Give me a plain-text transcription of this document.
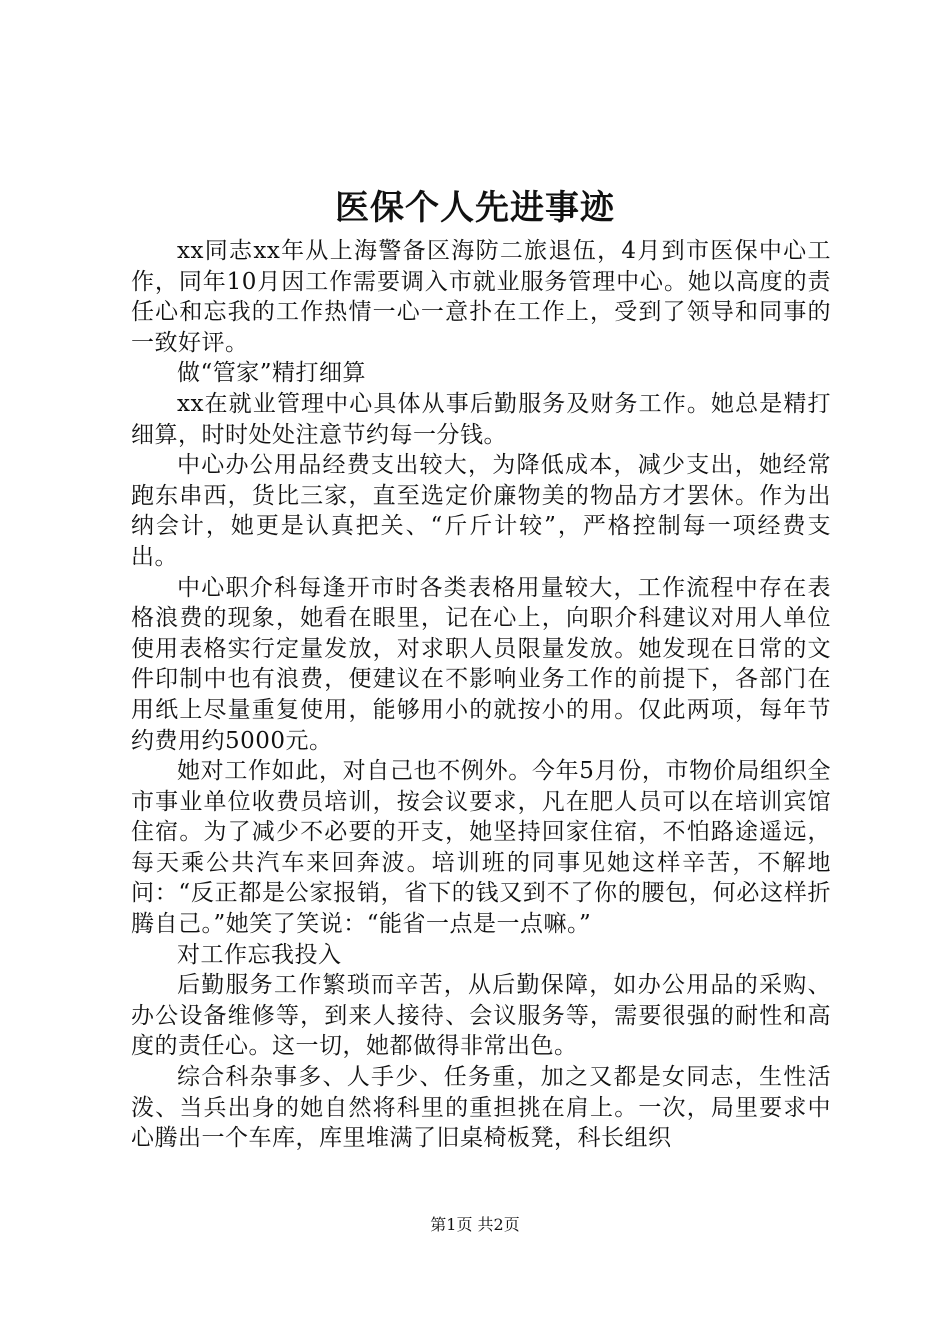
医保个人先进事迹

xx同志xx年从上海警备区海防二旅退伍，4月到市医保中心工作，同年10月因工作需要调入市就业服务管理中心。她以高度的责任心和忘我的工作热情一心一意扑在工作上，受到了领导和同事的一致好评。

做“管家”精打细算

xx在就业管理中心具体从事后勤服务及财务工作。她总是精打细算，时时处处注意节约每一分钱。

中心办公用品经费支出较大，为降低成本，减少支出，她经常跑东串西，货比三家，直至选定价廉物美的物品方才罢休。作为出纳会计，她更是认真把关、“斤斤计较”，严格控制每一项经费支出。

中心职介科每逢开市时各类表格用量较大，工作流程中存在表格浪费的现象，她看在眼里，记在心上，向职介科建议对用人单位使用表格实行定量发放，对求职人员限量发放。她发现在日常的文件印制中也有浪费，便建议在不影响业务工作的前提下，各部门在用纸上尽量重复使用，能够用小的就按小的用。仅此两项，每年节约费用约5000元。

她对工作如此，对自己也不例外。今年5月份，市物价局组织全市事业单位收费员培训，按会议要求，凡在肥人员可以在培训宾馆住宿。为了减少不必要的开支，她坚持回家住宿，不怕路途遥远，每天乘公共汽车来回奔波。培训班的同事见她这样辛苦，不解地问：“反正都是公家报销，省下的钱又到不了你的腰包，何必这样折腾自己。”她笑了笑说：“能省一点是一点嘛。”

对工作忘我投入

后勤服务工作繁琐而辛苦，从后勤保障，如办公用品的采购、办公设备维修等，到来人接待、会议服务等，需要很强的耐性和高度的责任心。这一切，她都做得非常出色。

综合科杂事多、人手少、任务重，加之又都是女同志，生性活泼、当兵出身的她自然将科里的重担挑在肩上。一次，局里要求中心腾出一个车库，库里堆满了旧桌椅板凳，科长组织

第1页 共2页
